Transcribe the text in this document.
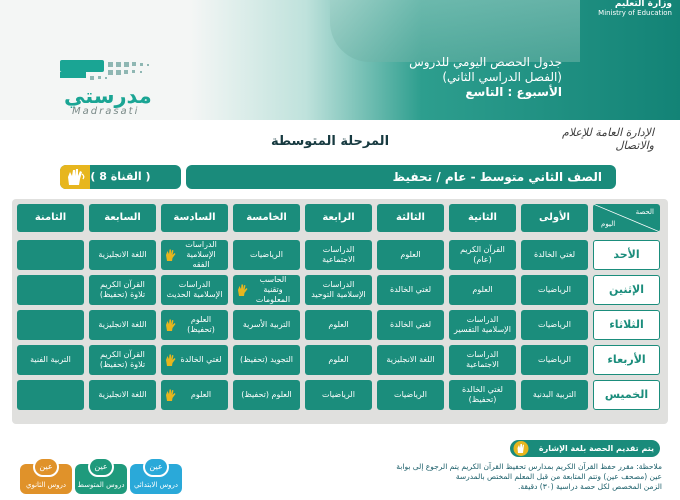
وزارة التعليم
Ministry of Education
جدول الحصص اليومي للدروس
(الفصل الدراسي الثاني)
الأسبوع : التاسع
مدرستي
Madrasati
المرحلة المتوسطة
الإدارة العامة للإعلام والاتصال
الصف الثاني متوسط - عام / تحفيظ
( القناة 8 )
الحصة
اليوم
الأولى
الثانية
الثالثة
الرابعة
الخامسة
السادسة
السابعة
الثامنة
الأحد
لغتي الخالدة
القرآن الكريم (عام)
العلوم
الدراسات الاجتماعية
الرياضيات
الدراسات الإسلامية الفقه
اللغة الانجليزية
الإثنين
الرياضيات
العلوم
لغتي الخالدة
الدراسات الإسلامية التوحيد
الحاسب وتقنية المعلومات
الدراسات الإسلامية الحديث
القرآن الكريم تلاوة (تحفيظ)
الثلاثاء
الرياضيات
الدراسات الإسلامية التفسير
لغتي الخالدة
العلوم
التربية الأسرية
العلوم (تحفيظ)
اللغة الانجليزية
الأربعاء
الرياضيات
الدراسات الاجتماعية
اللغة الانجليزية
العلوم
التجويد (تحفيظ)
لغتي الخالدة
القرآن الكريم تلاوة (تحفيظ)
التربية الفنية
الخميس
التربية البدنية
لغتي الخالدة (تحفيظ)
الرياضيات
الرياضيات
العلوم (تحفيظ)
العلوم
اللغة الانجليزية
يتم تقديم الحصة بلغة الإشارة
ملاحظة: مقرر حفظ القرآن الكريم بمدارس تحفيظ القرآن الكريم يتم الرجوع إلى بوابة
عين (مصحف عين) وتتم المتابعة من قبل المعلم المختص بالمدرسة
الزمن المخصص لكل حصة دراسية (٣٠) دقيقة.
عين
دروس الابتدائي
عين
دروس المتوسط
عين
دروس الثانوي
